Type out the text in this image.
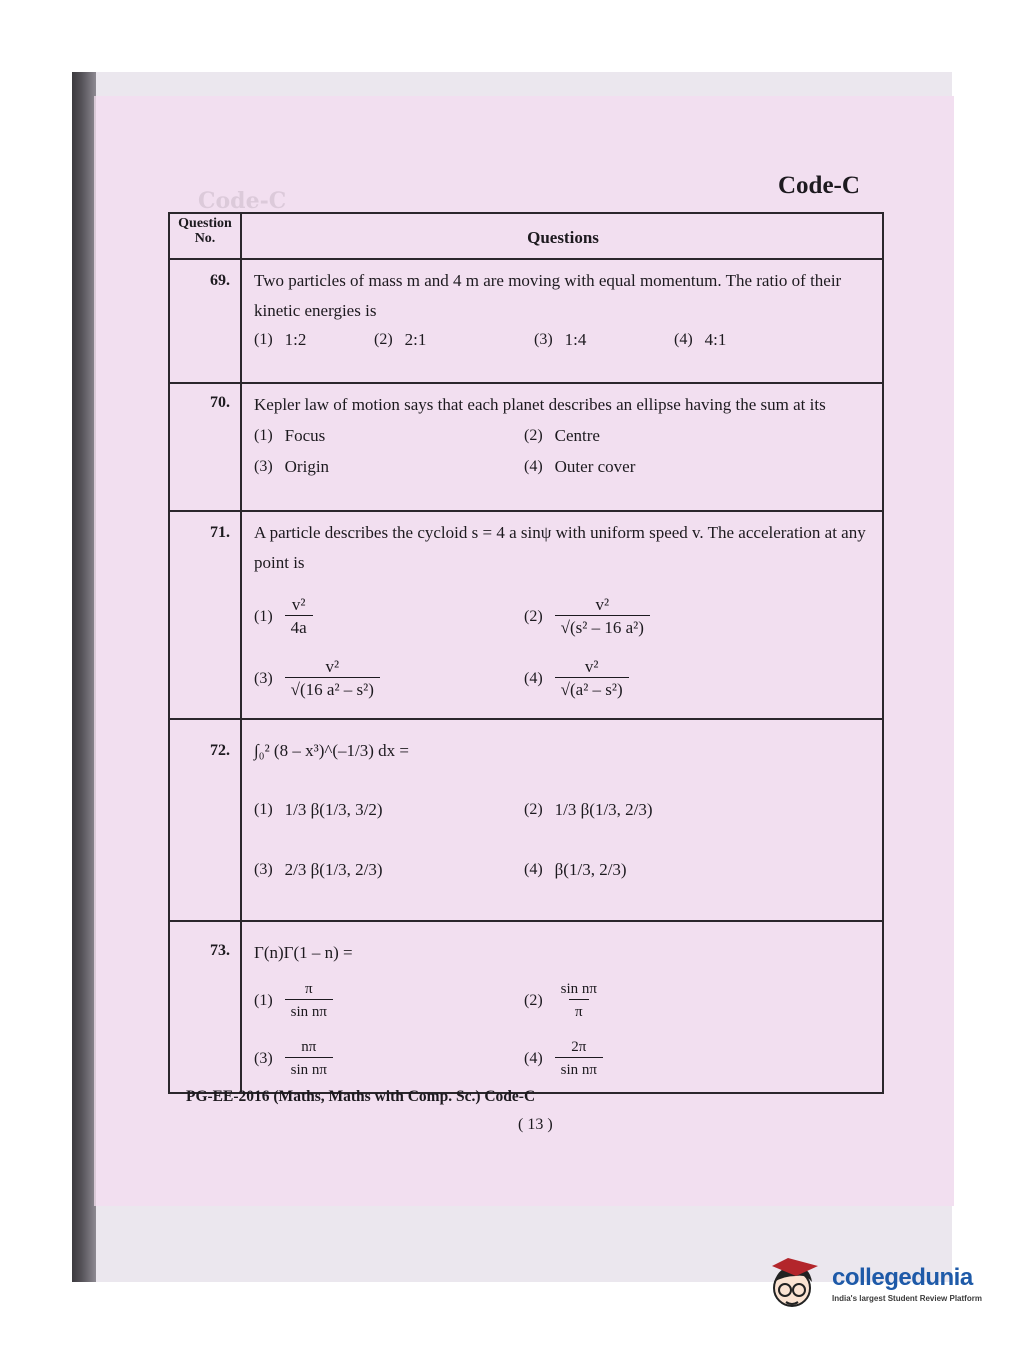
Code-C
Code-C
Question No.	Questions
69.	Two particles of mass m and 4 m are moving with equal momentum. The ratio of their kinetic energies is
(1) 1:2	(2) 2:1	(3) 1:4	(4) 4:1
70.	Kepler law of motion says that each planet describes an ellipse having the sum at its
(1) Focus	(2) Centre
(3) Origin	(4) Outer cover
71.	A particle describes the cycloid s = 4 a sinψ with uniform speed v. The acceleration at any point is
$(1) \frac{\text{v²}}{4a}$	$(2) \frac{\text{v²}}{\text{√(s² – 16 a²)}}$
$(3) \frac{\text{v²}}{\text{√(16 a² – s²)}}$	$(4) \frac{\text{v²}}{\text{√(a² – s²)}}$
72.	∫₀² (8 – x³)^(–1/3) dx =
(1) 1/3 β(1/3, 3/2)	(2) 1/3 β(1/3, 2/3)
(3) 2/3 β(1/3, 2/3)	(4) β(1/3, 2/3)
73.	Γ(n)Γ(1 – n) =
$(1) \frac{\pi}{\text{sin nπ}}$	$(2) \frac{\text{sin nπ}}{\pi}$
$(3) \frac{n\pi}{\text{sin nπ}}$	$(4) \frac{2\pi}{\text{sin nπ}}$
PG-EE-2016 (Maths, Maths with Comp. Sc.) Code-C
( 13 )
collegedunia
India's largest Student Review Platform
